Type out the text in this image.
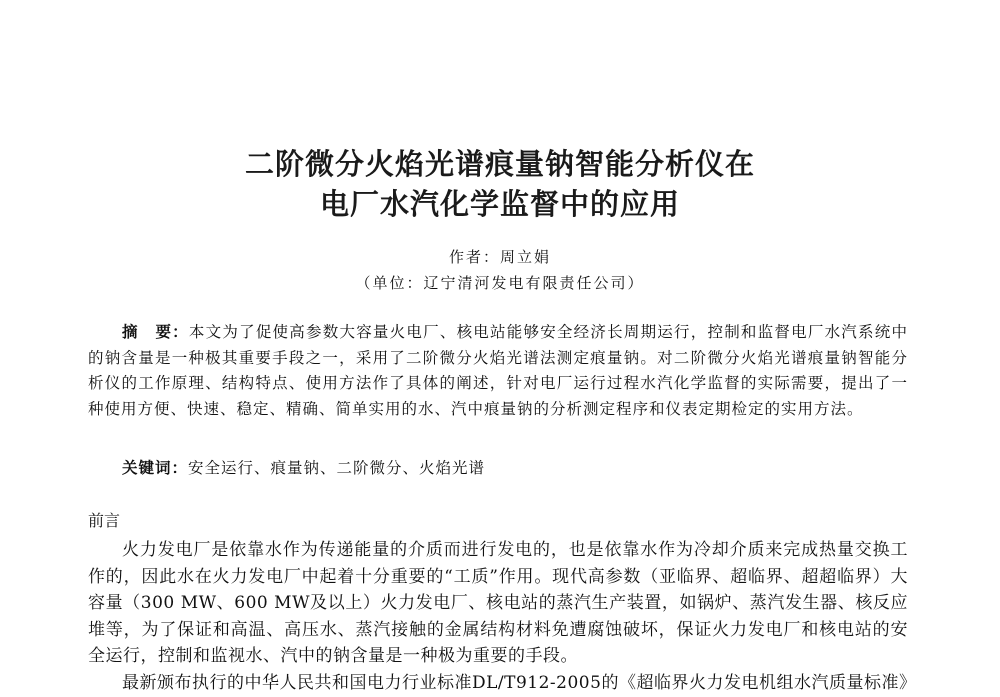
二阶微分火焰光谱痕量钠智能分析仪在
电厂水汽化学监督中的应用
作者：周立娟
（单位：辽宁清河发电有限责任公司）
摘　要：本文为了促使高参数大容量火电厂、核电站能够安全经济长周期运行，控制和监督电厂水汽系统中的钠含量是一种极其重要手段之一，采用了二阶微分火焰光谱法测定痕量钠。对二阶微分火焰光谱痕量钠智能分析仪的工作原理、结构特点、使用方法作了具体的阐述，针对电厂运行过程水汽化学监督的实际需要，提出了一种使用方便、快速、稳定、精确、简单实用的水、汽中痕量钠的分析测定程序和仪表定期检定的实用方法。
关键词：安全运行、痕量钠、二阶微分、火焰光谱
前言

火力发电厂是依靠水作为传递能量的介质而进行发电的，也是依靠水作为冷却介质来完成热量交换工作的，因此水在火力发电厂中起着十分重要的“工质”作用。现代高参数（亚临界、超临界、超超临界）大容量（300 MW、600 MW及以上）火力发电厂、核电站的蒸汽生产装置，如锅炉、蒸汽发生器、核反应堆等，为了保证和高温、高压水、蒸汽接触的金属结构材料免遭腐蚀破坏，保证火力发电厂和核电站的安全运行，控制和监视水、汽中的钠含量是一种极为重要的手段。

最新颁布执行的中华人民共和国电力行业标准DL/T912-2005的《超临界火力发电机组水汽质量标准》
